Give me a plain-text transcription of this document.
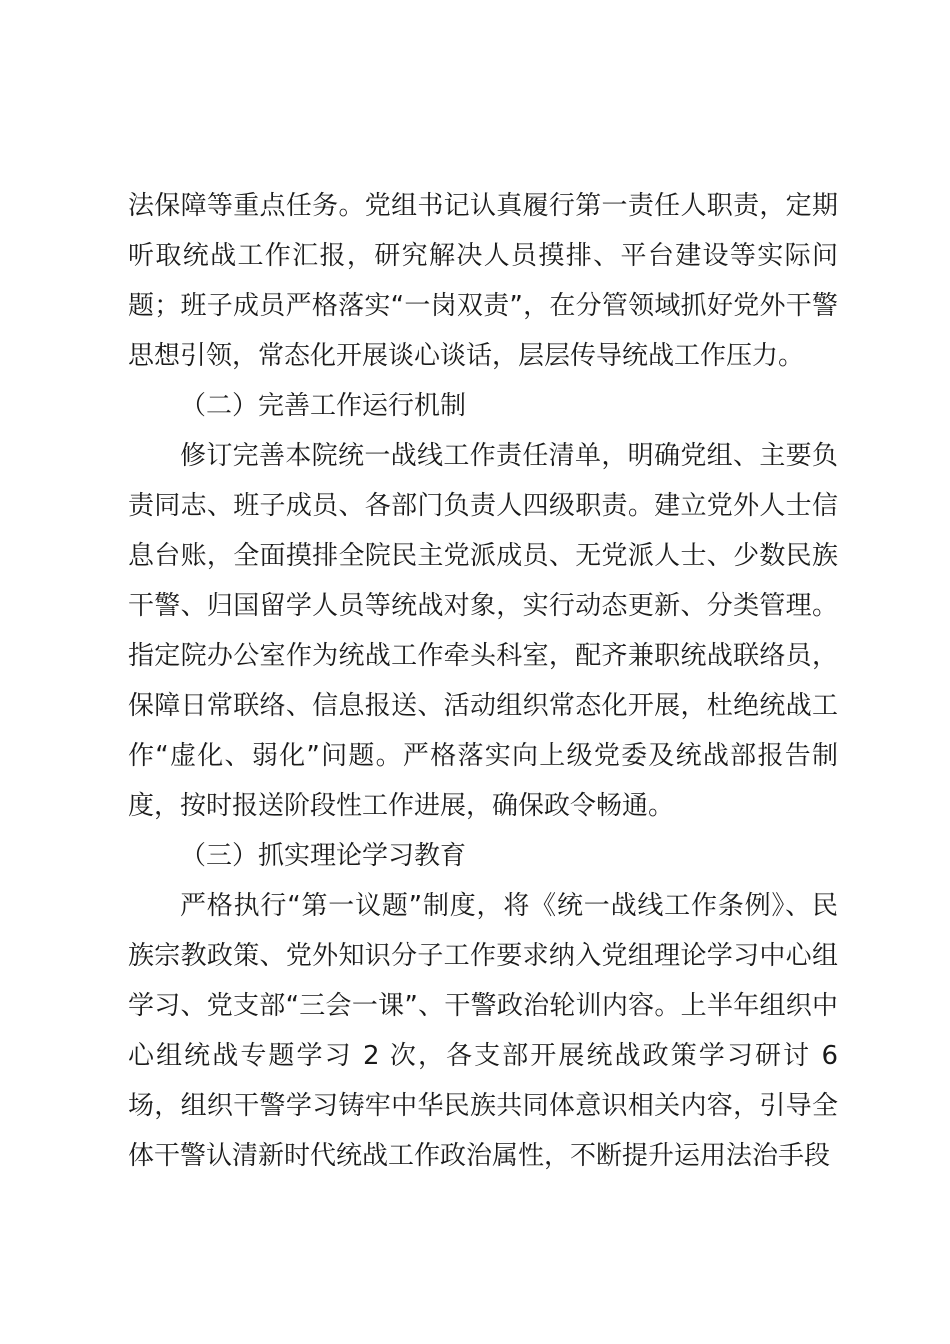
法保障等重点任务。党组书记认真履行第一责任人职责，定期听取统战工作汇报，研究解决人员摸排、平台建设等实际问题；班子成员严格落实“一岗双责”，在分管领域抓好党外干警思想引领，常态化开展谈心谈话，层层传导统战工作压力。

（二）完善工作运行机制

修订完善本院统一战线工作责任清单，明确党组、主要负责同志、班子成员、各部门负责人四级职责。建立党外人士信息台账，全面摸排全院民主党派成员、无党派人士、少数民族干警、归国留学人员等统战对象，实行动态更新、分类管理。指定院办公室作为统战工作牵头科室，配齐兼职统战联络员，保障日常联络、信息报送、活动组织常态化开展，杜绝统战工作“虚化、弱化”问题。严格落实向上级党委及统战部报告制度，按时报送阶段性工作进展，确保政令畅通。

（三）抓实理论学习教育

严格执行“第一议题”制度，将《统一战线工作条例》、民族宗教政策、党外知识分子工作要求纳入党组理论学习中心组学习、党支部“三会一课”、干警政治轮训内容。上半年组织中心组统战专题学习 2 次，各支部开展统战政策学习研讨 6 场，组织干警学习铸牢中华民族共同体意识相关内容，引导全体干警认清新时代统战工作政治属性，不断提升运用法治手段
